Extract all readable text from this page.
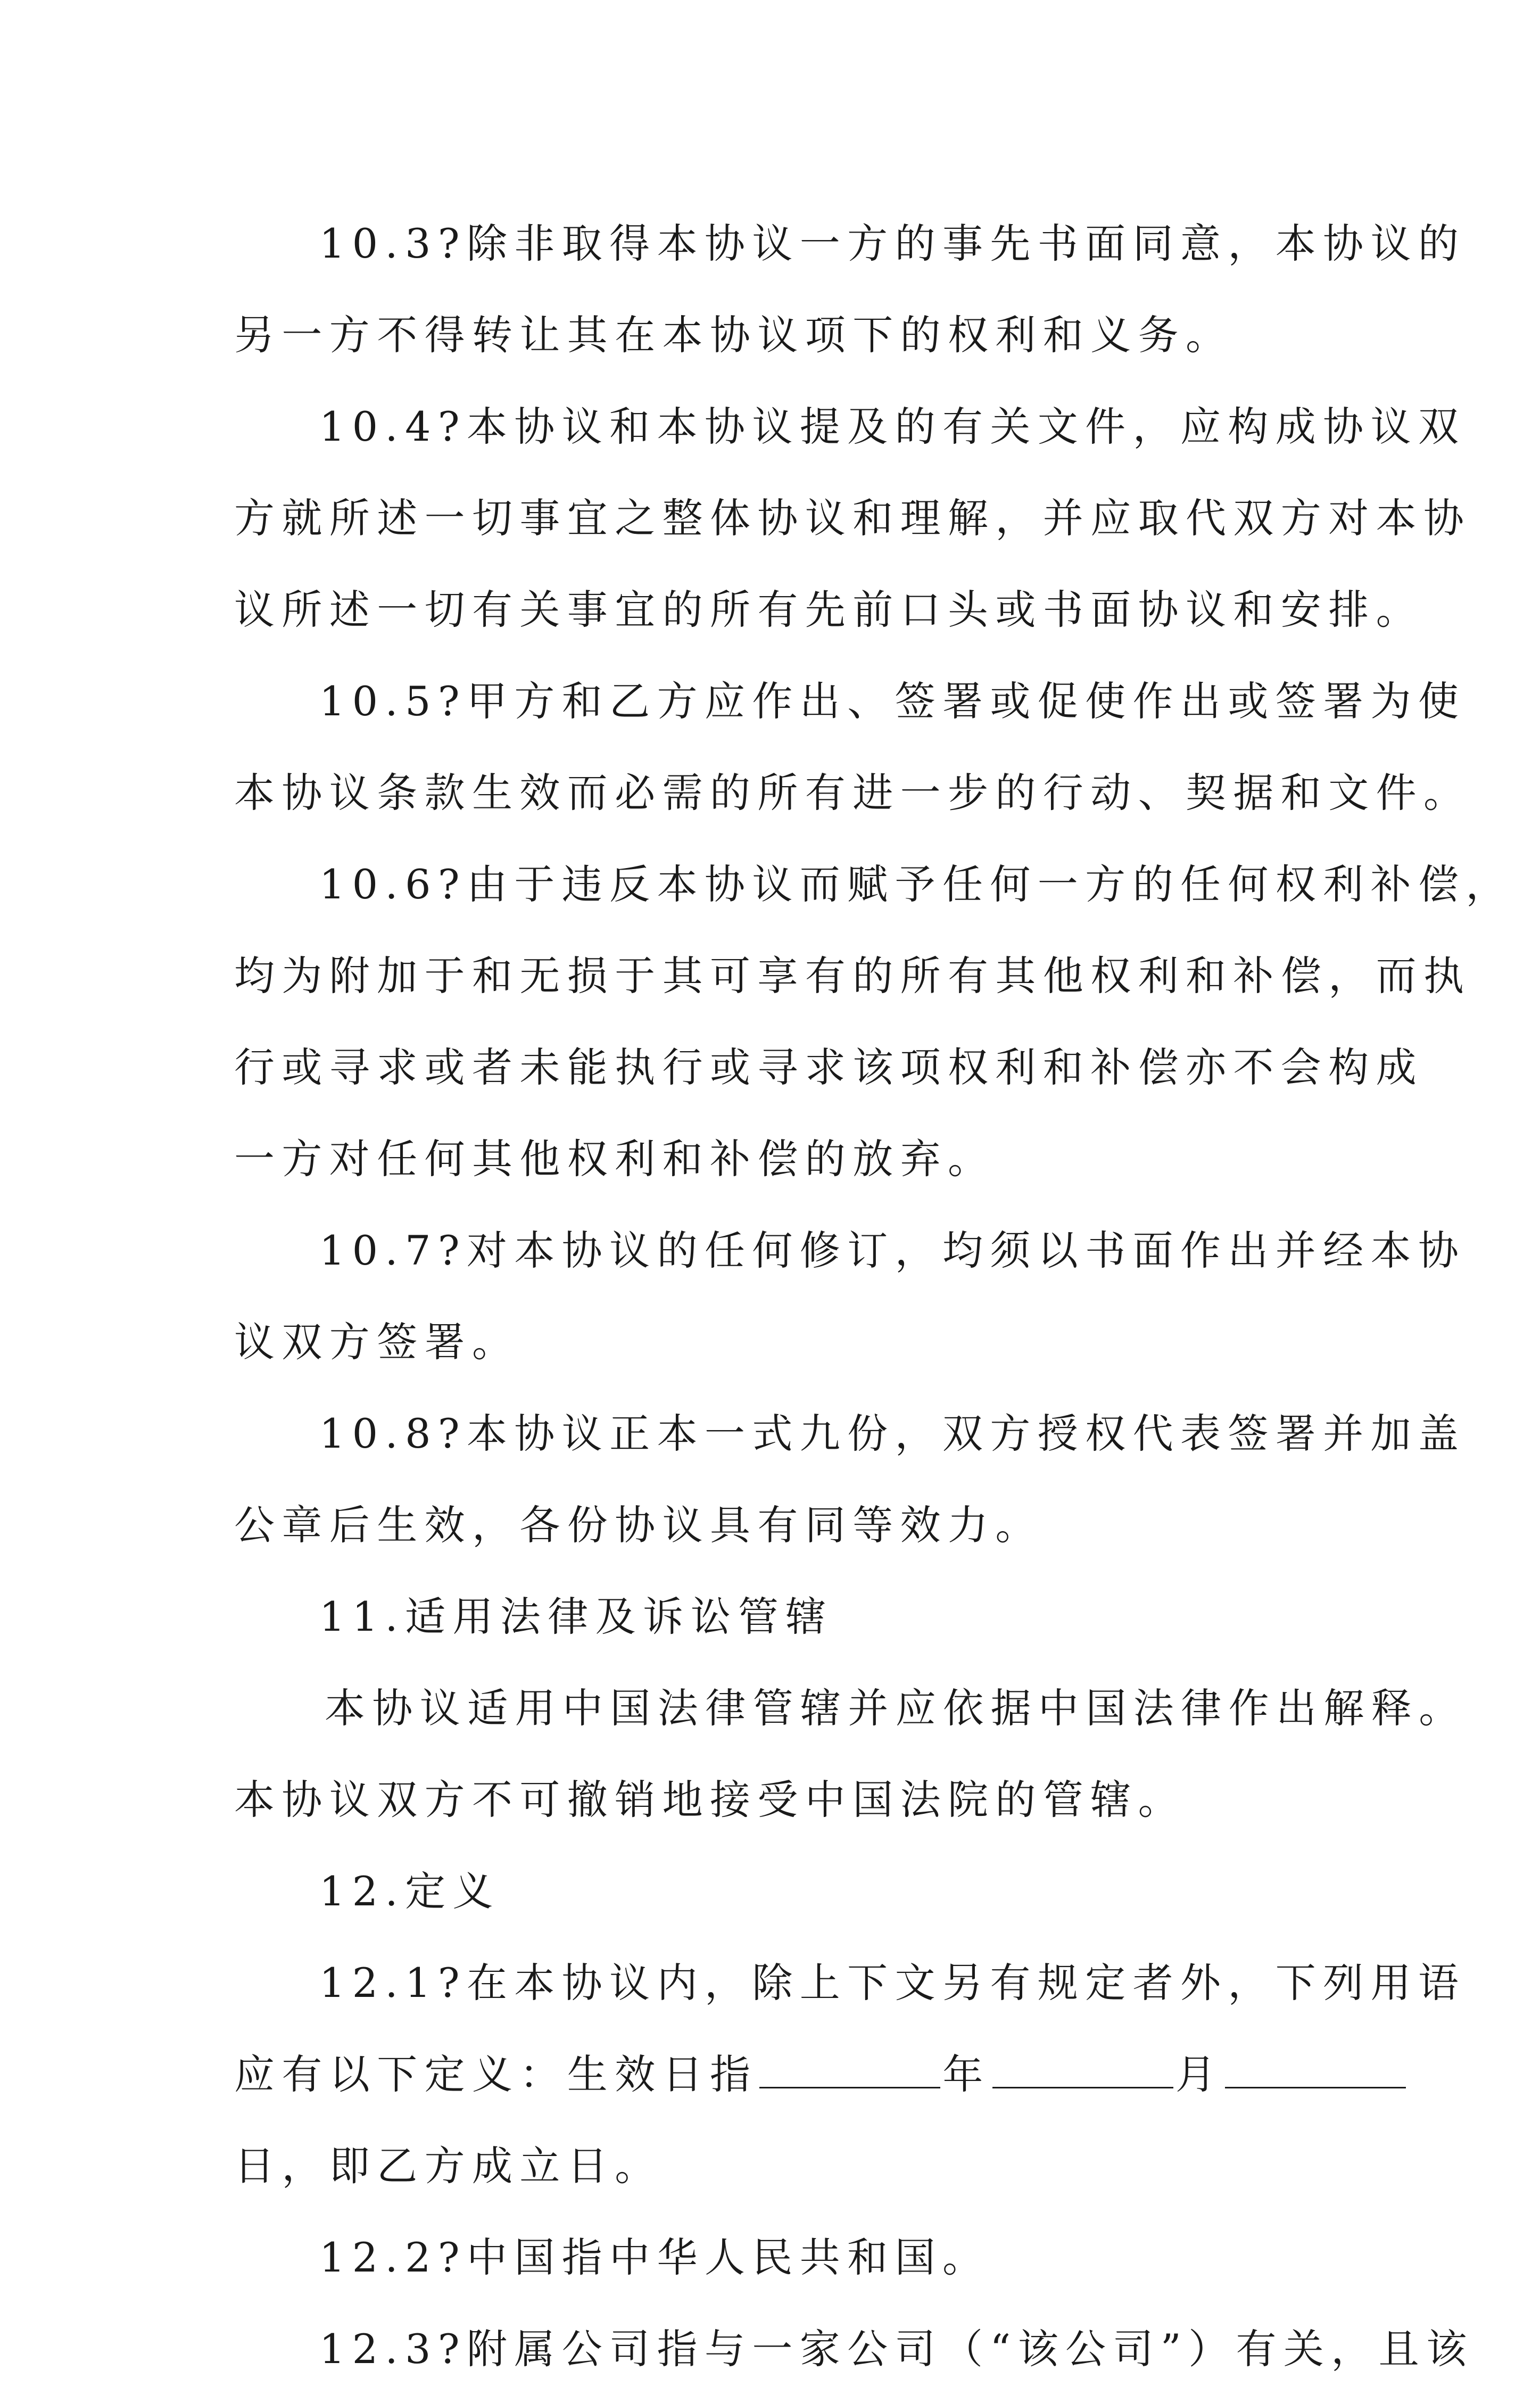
10.3?除非取得本协议一方的事先书面同意，本协议的
另一方不得转让其在本协议项下的权利和义务。
10.4?本协议和本协议提及的有关文件，应构成协议双
方就所述一切事宜之整体协议和理解，并应取代双方对本协
议所述一切有关事宜的所有先前口头或书面协议和安排。
10.5?甲方和乙方应作出、签署或促使作出或签署为使
本协议条款生效而必需的所有进一步的行动、契据和文件。
10.6?由于违反本协议而赋予任何一方的任何权利补偿，
均为附加于和无损于其可享有的所有其他权利和补偿，而执
行或寻求或者未能执行或寻求该项权利和补偿亦不会构成
一方对任何其他权利和补偿的放弃。
10.7?对本协议的任何修订，均须以书面作出并经本协
议双方签署。
10.8?本协议正本一式九份，双方授权代表签署并加盖
公章后生效，各份协议具有同等效力。
11.适用法律及诉讼管辖
本协议适用中国法律管辖并应依据中国法律作出解释。
本协议双方不可撤销地接受中国法院的管辖。
12.定义
12.1?在本协议内，除上下文另有规定者外，下列用语
应有以下定义：生效日指	年	月
日，即乙方成立日。
12.2?中国指中华人民共和国。
12.3?附属公司指与一家公司（“该公司”）有关，且该
